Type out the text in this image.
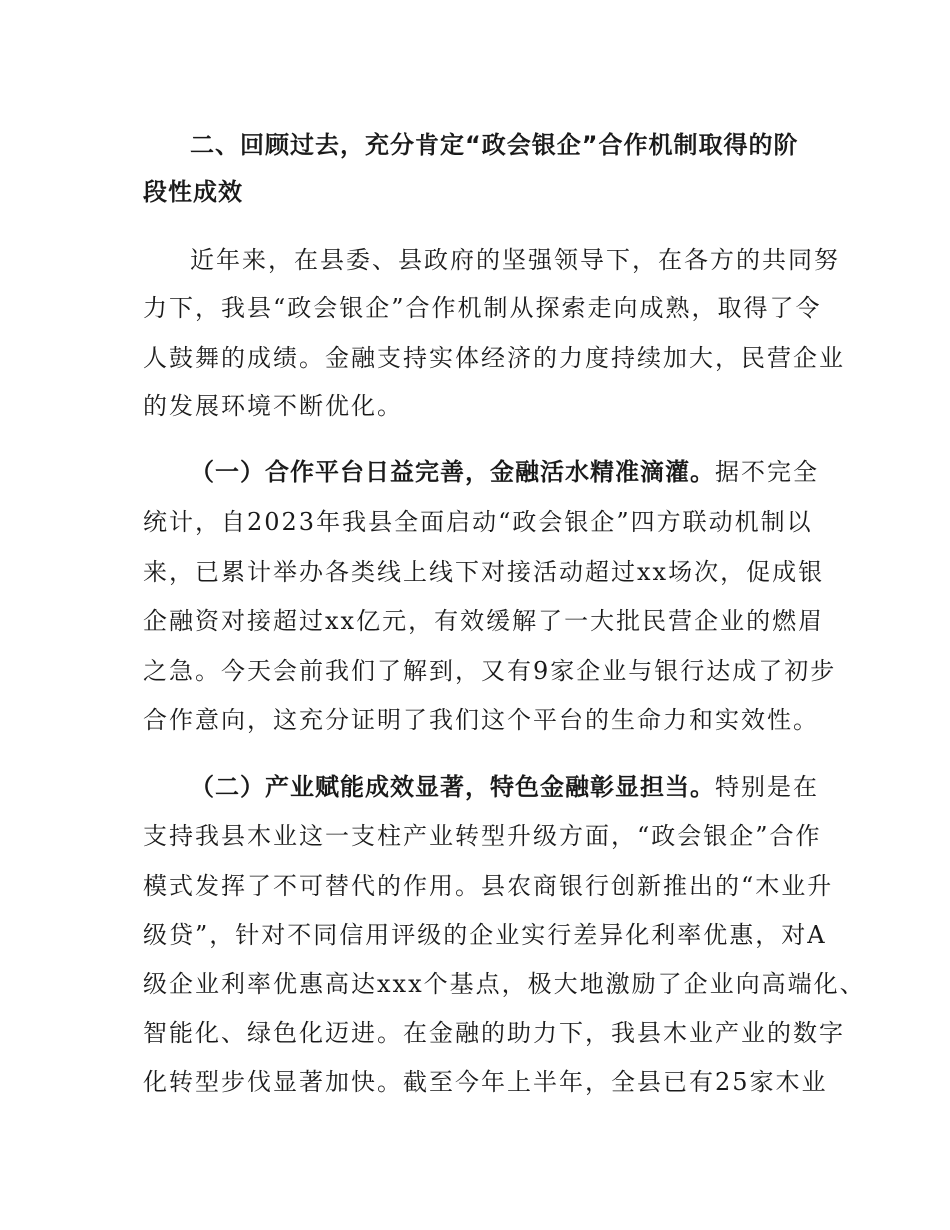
二、回顾过去，充分肯定“政会银企”合作机制取得的阶

段性成效

近年来，在县委、县政府的坚强领导下，在各方的共同努

力下，我县“政会银企”合作机制从探索走向成熟，取得了令

人鼓舞的成绩。金融支持实体经济的力度持续加大，民营企业

的发展环境不断优化。

（一）合作平台日益完善，金融活水精准滴灌。据不完全

统计，自2023年我县全面启动“政会银企”四方联动机制以

来，已累计举办各类线上线下对接活动超过xx场次，促成银

企融资对接超过xx亿元，有效缓解了一大批民营企业的燃眉

之急。今天会前我们了解到，又有9家企业与银行达成了初步

合作意向，这充分证明了我们这个平台的生命力和实效性。

（二）产业赋能成效显著，特色金融彰显担当。特别是在

支持我县木业这一支柱产业转型升级方面，“政会银企”合作

模式发挥了不可替代的作用。县农商银行创新推出的“木业升

级贷”，针对不同信用评级的企业实行差异化利率优惠，对A

级企业利率优惠高达xxx个基点，极大地激励了企业向高端化、

智能化、绿色化迈进。在金融的助力下，我县木业产业的数字

化转型步伐显著加快。截至今年上半年，全县已有25家木业
